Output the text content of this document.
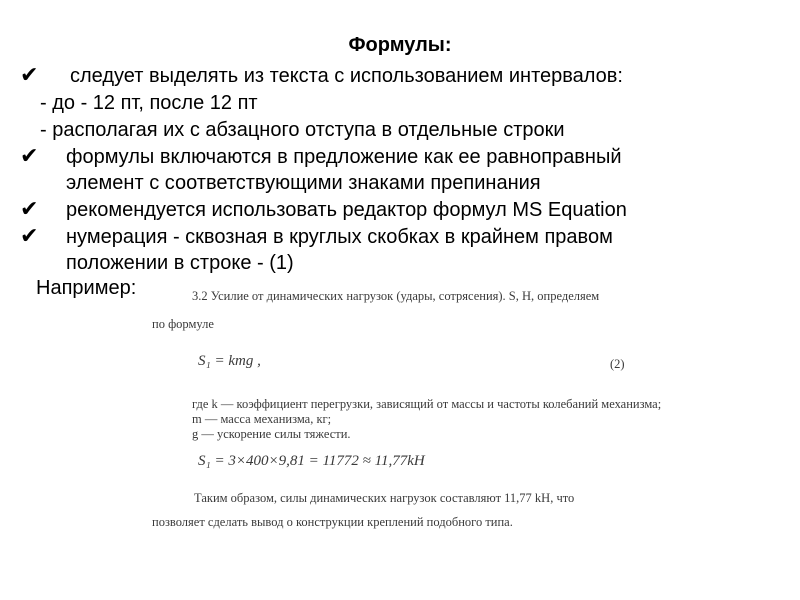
Формулы:
✔ следует выделять из текста с использованием интервалов:
- до - 12 пт, после 12 пт
- располагая их с абзацного отступа в отдельные строки
✔ формулы включаются в предложение как ее равноправный
элемент с соответствующими знаками препинания
✔ рекомендуется использовать редактор формул MS Equation
✔ нумерация - сквозная в круглых скобках в крайнем правом
положении в строке - (1)
Например:	3.2 Усилие от динамических нагрузок (удары, сотрясения). S, Н, определяем
по формуле
S₁ = kmg ,	(2)
где k — коэффициент перегрузки, зависящий от массы и частоты колебаний механизма;
m — масса механизма, кг;
g — ускорение силы тяжести.
S₁ = 3×400×9,81 = 11772 ≈ 11,77kH
Таким образом, силы динамических нагрузок составляют 11,77 kH, что
позволяет сделать вывод о конструкции креплений подобного типа.
